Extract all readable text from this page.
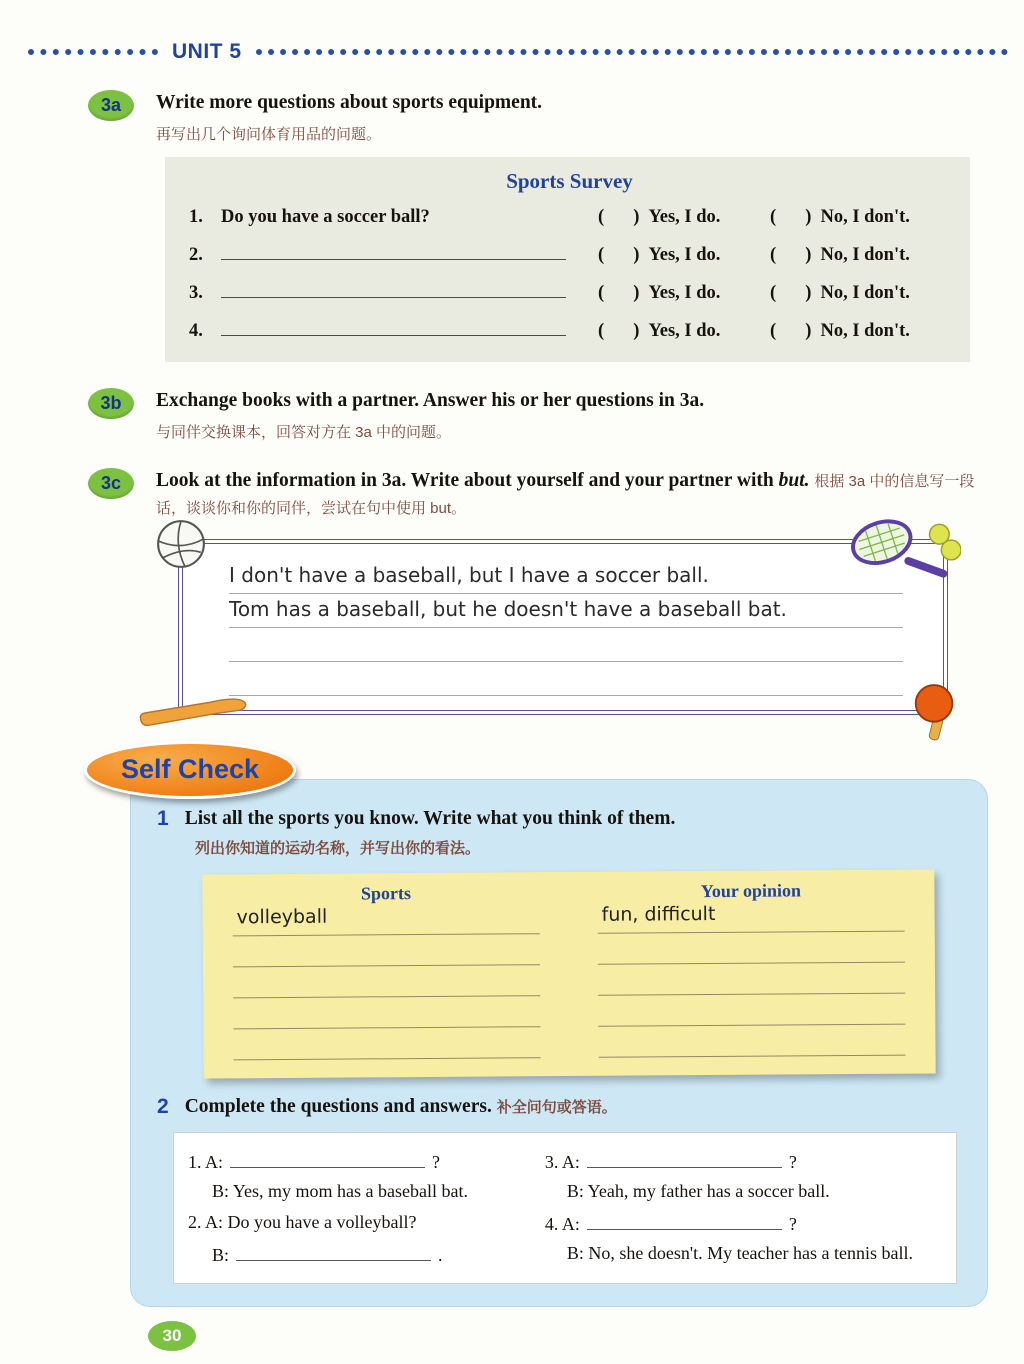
UNIT 5
3a	Write more questions about sports equipment.

再写出几个询问体育用品的问题。

Sports Survey
1. Do you have a soccer ball?	(     ) Yes, I do.	(     ) No, I don't.
2.	(     ) Yes, I do.	(     ) No, I don't.
3.	(     ) Yes, I do.	(     ) No, I don't.
4.	(     ) Yes, I do.	(     ) No, I don't.
3b	Exchange books with a partner. Answer his or her questions in 3a.

与同伴交换课本，回答对方在 3a 中的问题。

3c	Look at the information in 3a. Write about yourself and your partner with but. 根据 3a 中的信息写一段话，谈谈你和你的同伴，尝试在句中使用 but。
I don't have a baseball, but I have a soccer ball.
Tom has a baseball, but he doesn't have a baseball bat.
Self Check
1 List all the sports you know. Write what you think of them.

列出你知道的运动名称，并写出你的看法。

Sports	Your opinion
volleyball	fun, difficult
2 Complete the questions and answers. 补全问句或答语。
1. A:	?	3. A:	?
B: Yes, my mom has a baseball bat.	B: Yeah, my father has a soccer ball.
2. A: Do you have a volleyball?	4. A:	?
B:	.	B: No, she doesn't. My teacher has a tennis ball.
30
